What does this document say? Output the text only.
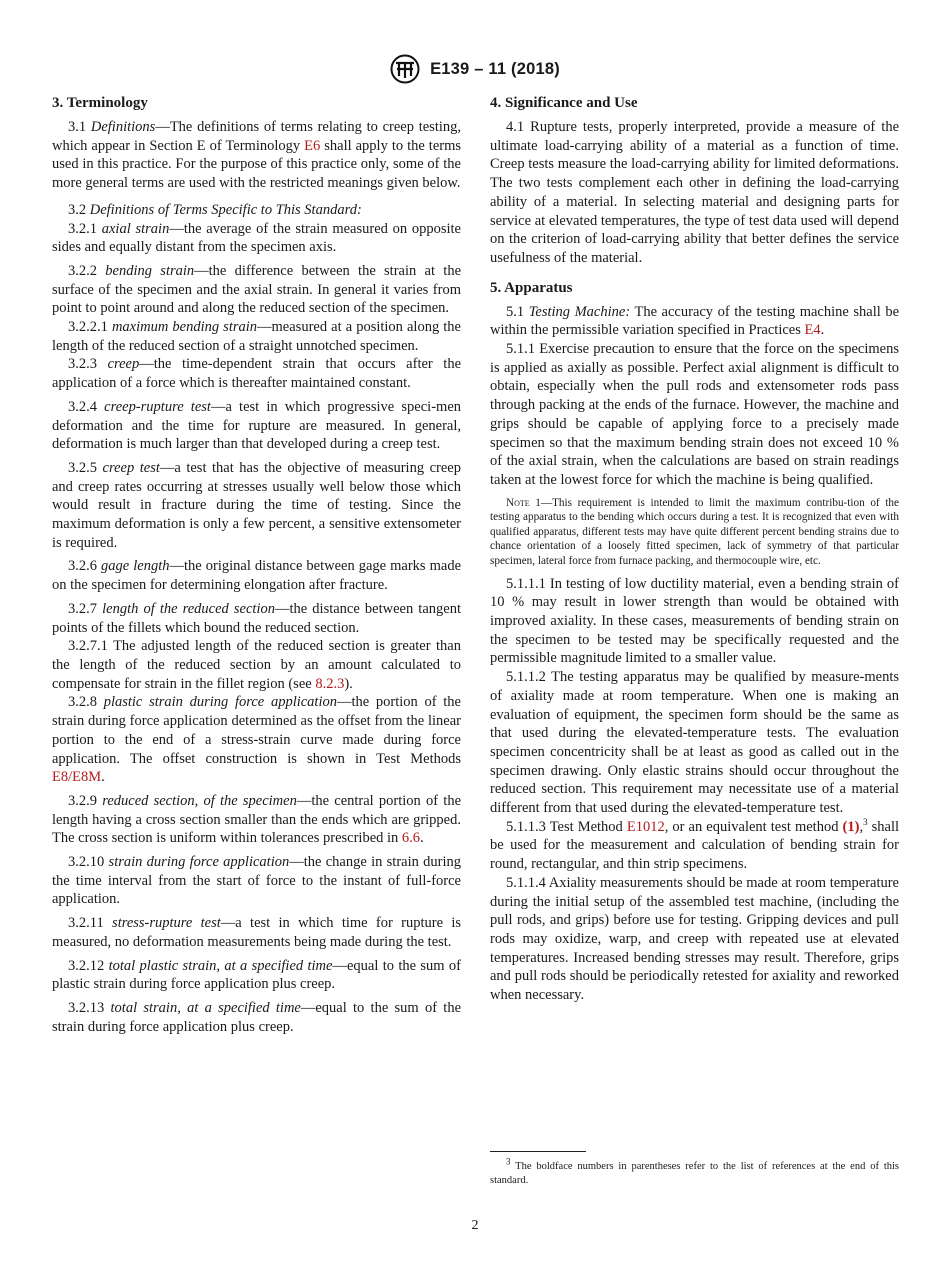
E139 – 11 (2018)
3. Terminology

3.1 Definitions—The definitions of terms relating to creep testing, which appear in Section E of Terminology E6 shall apply to the terms used in this practice. For the purpose of this practice only, some of the more general terms are used with the restricted meanings given below.

3.2 Definitions of Terms Specific to This Standard:

3.2.1 axial strain—the average of the strain measured on opposite sides and equally distant from the specimen axis.

3.2.2 bending strain—the difference between the strain at the surface of the specimen and the axial strain. In general it varies from point to point around and along the reduced section of the specimen.

3.2.2.1 maximum bending strain—measured at a position along the length of the reduced section of a straight unnotched specimen.

3.2.3 creep—the time-dependent strain that occurs after the application of a force which is thereafter maintained constant.

3.2.4 creep-rupture test—a test in which progressive speci-men deformation and the time for rupture are measured. In general, deformation is much larger than that developed during a creep test.

3.2.5 creep test—a test that has the objective of measuring creep and creep rates occurring at stresses usually well below those which would result in fracture during the time of testing. Since the maximum deformation is only a few percent, a sensitive extensometer is required.

3.2.6 gage length—the original distance between gage marks made on the specimen for determining elongation after fracture.

3.2.7 length of the reduced section—the distance between tangent points of the fillets which bound the reduced section.

3.2.7.1 The adjusted length of the reduced section is greater than the length of the reduced section by an amount calculated to compensate for strain in the fillet region (see 8.2.3).

3.2.8 plastic strain during force application—the portion of the strain during force application determined as the offset from the linear portion to the end of a stress-strain curve made during force application. The offset construction is shown in Test Methods E8/E8M.

3.2.9 reduced section, of the specimen—the central portion of the length having a cross section smaller than the ends which are gripped. The cross section is uniform within tolerances prescribed in 6.6.

3.2.10 strain during force application—the change in strain during the time interval from the start of force to the instant of full-force application.

3.2.11 stress-rupture test—a test in which time for rupture is measured, no deformation measurements being made during the test.

3.2.12 total plastic strain, at a specified time—equal to the sum of plastic strain during force application plus creep.

3.2.13 total strain, at a specified time—equal to the sum of the strain during force application plus creep.

4. Significance and Use

4.1 Rupture tests, properly interpreted, provide a measure of the ultimate load-carrying ability of a material as a function of time. Creep tests measure the load-carrying ability for limited deformations. The two tests complement each other in defining the load-carrying ability of a material. In selecting material and designing parts for service at elevated temperatures, the type of test data used will depend on the criterion of load-carrying ability that better defines the service usefulness of the material.

5. Apparatus

5.1 Testing Machine: The accuracy of the testing machine shall be within the permissible variation specified in Practices E4.

5.1.1 Exercise precaution to ensure that the force on the specimens is applied as axially as possible. Perfect axial alignment is difficult to obtain, especially when the pull rods and extensometer rods pass through packing at the ends of the furnace. However, the machine and grips should be capable of applying force to a precisely made specimen so that the maximum bending strain does not exceed 10 % of the axial strain, when the calculations are based on strain readings taken at the lowest force for which the machine is being qualified.

Note 1—This requirement is intended to limit the maximum contribu-tion of the testing apparatus to the bending which occurs during a test. It is recognized that even with qualified apparatus, different tests may have quite different percent bending strains due to chance orientation of a loosely fitted specimen, lack of symmetry of that particular specimen, lateral force from furnace packing, and thermocouple wire, etc.

5.1.1.1 In testing of low ductility material, even a bending strain of 10 % may result in lower strength than would be obtained with improved axiality. In these cases, measurements of bending strain on the specimen to be tested may be specifically requested and the permissible magnitude limited to a smaller value.

5.1.1.2 The testing apparatus may be qualified by measure-ments of axiality made at room temperature. When one is making an evaluation of equipment, the specimen form should be the same as that used during the elevated-temperature tests. The evaluation specimen concentricity shall be at least as good as called out in the specimen drawing. Only elastic strains should occur throughout the reduced section. This requirement may necessitate use of a material different from that used during the elevated-temperature test.

5.1.1.3 Test Method E1012, or an equivalent test method (1),$^3$ shall be used for the measurement and calculation of bending strain for round, rectangular, and thin strip specimens.

5.1.1.4 Axiality measurements should be made at room temperature during the initial setup of the assembled test machine, (including the pull rods, and grips) before use for testing. Gripping devices and pull rods may oxidize, warp, and creep with repeated use at elevated temperatures. Increased bending stresses may result. Therefore, grips and pull rods should be periodically retested for axiality and reworked when necessary.

$^3$ The boldface numbers in parentheses refer to the list of references at the end of this standard.
2
